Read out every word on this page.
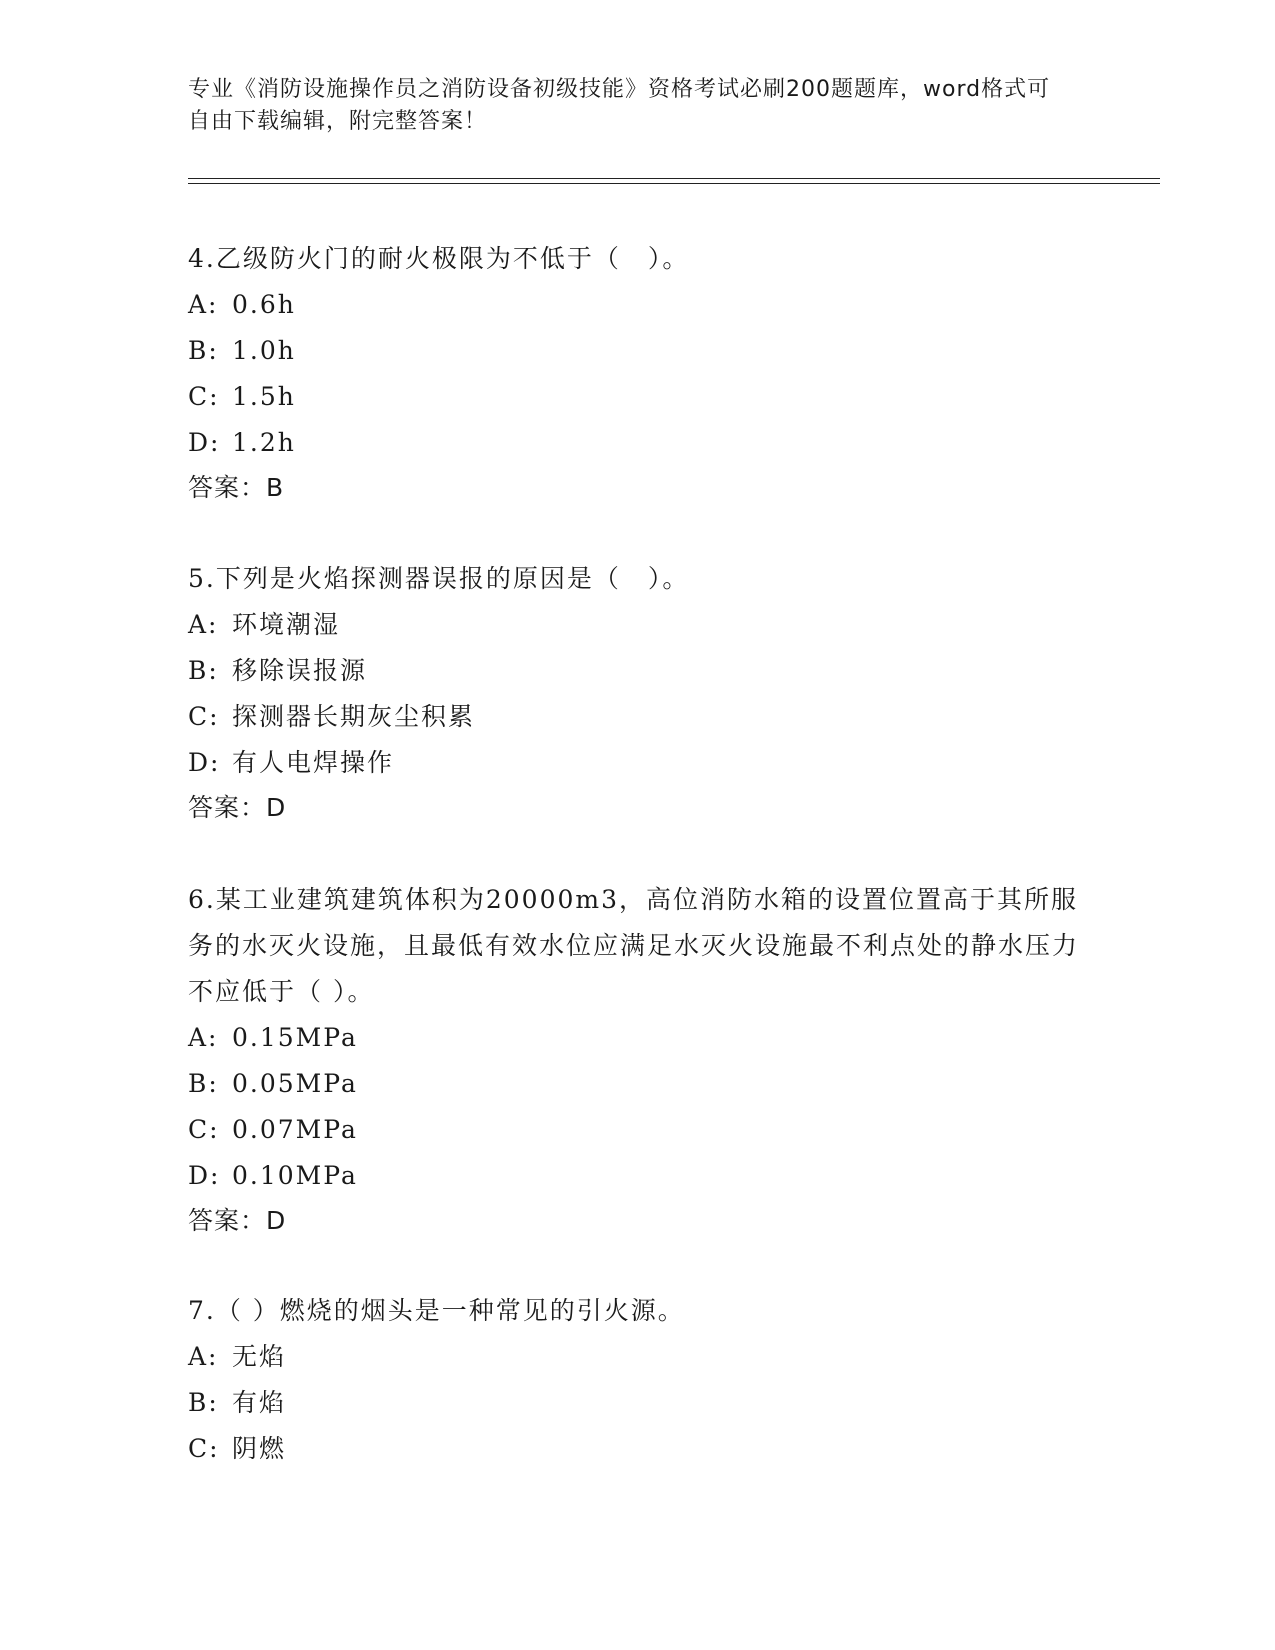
专业《消防设施操作员之消防设备初级技能》资格考试必刷200题题库，word格式可自由下载编辑，附完整答案！

4.乙级防火门的耐火极限为不低于（　）。

A: 0.6h

B: 1.0h

C: 1.5h

D: 1.2h

答案：B

5.下列是火焰探测器误报的原因是（　）。

A: 环境潮湿

B: 移除误报源

C: 探测器长期灰尘积累

D: 有人电焊操作

答案：D

6.某工业建筑建筑体积为20000m3，高位消防水箱的设置位置高于其所服务的水灭火设施，且最低有效水位应满足水灭火设施最不利点处的静水压力不应低于（ ）。

A: 0.15MPa

B: 0.05MPa

C: 0.07MPa

D: 0.10MPa

答案：D

7.（ ）燃烧的烟头是一种常见的引火源。

A: 无焰

B: 有焰

C: 阴燃
